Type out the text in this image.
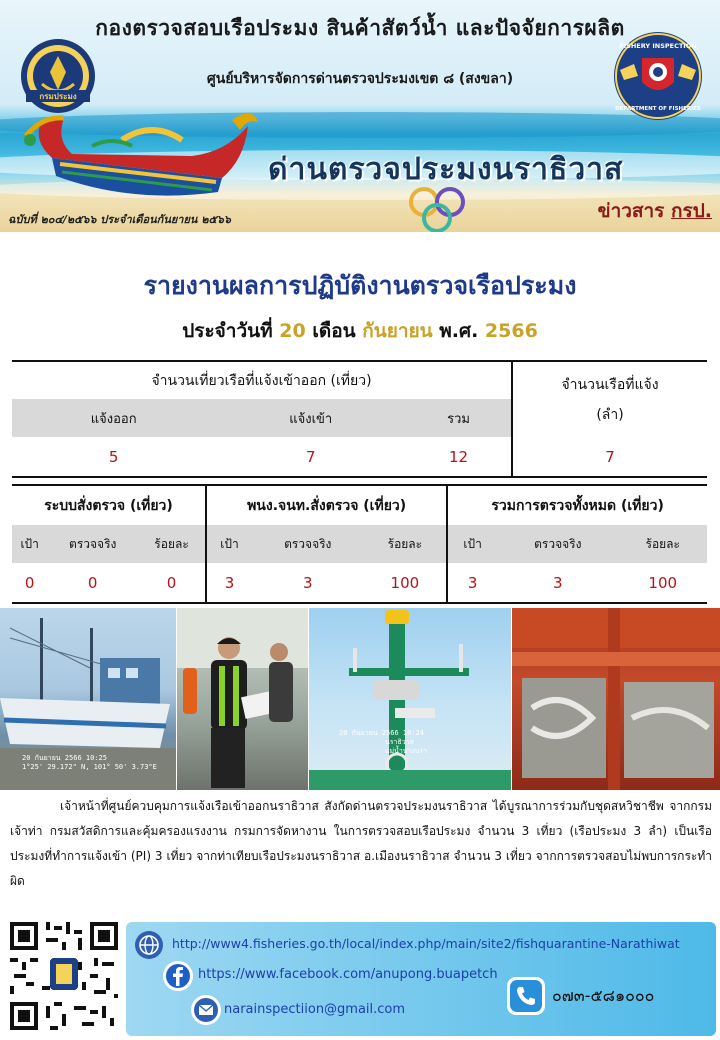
กองตรวจสอบเรือประมง สินค้าสัตว์น้ำ และปัจจัยการผลิต
ศูนย์บริหารจัดการด่านตรวจประมงเขต ๘ (สงขลา)
กรมประมง
FISHERY INSPECTION
DEPARTMENT OF FISHERIES
ด่านตรวจประมงนราธิวาส
ฉบับที่ ๒๐๔/๒๕๖๖ ประจำเดือนกันยายน ๒๕๖๖	ข่าวสาร กรป.
รายงานผลการปฏิบัติงานตรวจเรือประมง
ประจำวันที่ 20 เดือน กันยายน พ.ศ. 2566
จำนวนเที่ยวเรือที่แจ้งเข้าออก (เที่ยว)			จำนวนเรือที่แจ้ง
(ลำ)

แจ้งออก	แจ้งเข้า	รวม	
5	7	12	7
ระบบสั่งตรวจ (เที่ยว)			พนง.จนท.สั่งตรวจ (เที่ยว)			รวมการตรวจทั้งหมด (เที่ยว)		
เป้า	ตรวจจริง	ร้อยละ	เป้า	ตรวจจริง	ร้อยละ	เป้า	ตรวจจริง	ร้อยละ
0	0	0	3	3	100	3	3	100
20 กันยายน 2566 10:25
1°25' 29.172" N, 101° 50' 3.73"E
20 กันยายน 2566 10:24
นราธิวาส
แม่น้ำบางนรา

เจ้าหน้าที่ศูนย์ควบคุมการแจ้งเรือเข้าออกนราธิวาส สังกัดด่านตรวจประมงนราธิวาส ได้บูรณาการร่วมกับชุดสหวิชาชีพ จากกรมเจ้าท่า กรมสวัสดิการและคุ้มครองแรงงาน กรมการจัดหางาน ในการตรวจสอบเรือประมง จำนวน 3 เที่ยว (เรือประมง 3 ลำ) เป็นเรือประมงที่ทำการแจ้งเข้า (PI) 3 เที่ยว จากท่าเทียบเรือประมงนราธิวาส อ.เมืองนราธิวาส จำนวน 3 เที่ยว จากการตรวจสอบไม่พบการกระทำผิด

http://www4.fisheries.go.th/local/index.php/main/site2/fishquarantine-Narathiwat
https://www.facebook.com/anupong.buapetch
narainspectiion@gmail.com
๐๗๓-๕๘๑๐๐๐
